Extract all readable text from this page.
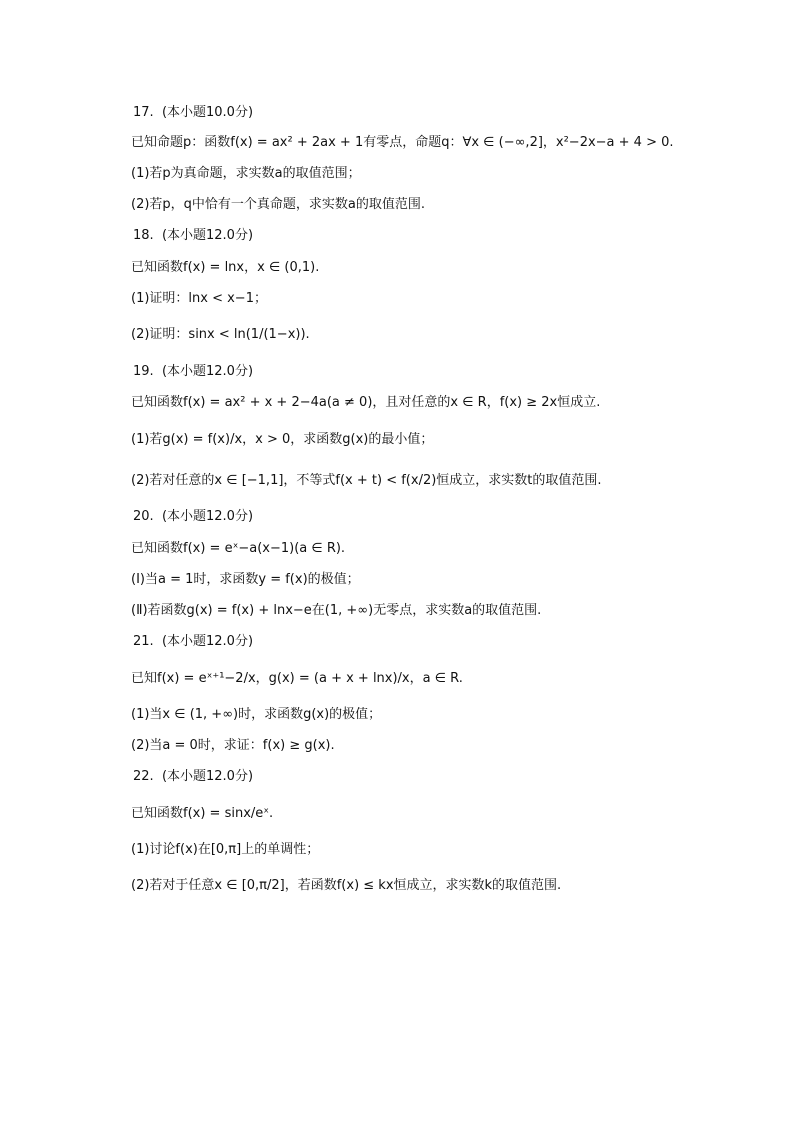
17.  (本小题10.0分)
已知命题p：函数f(x) = ax² + 2ax + 1有零点，命题q：∀x ∈ (−∞,2]，x²−2x−a + 4 > 0.
(1)若p为真命题，求实数a的取值范围；
(2)若p，q中恰有一个真命题，求实数a的取值范围.
18.  (本小题12.0分)
已知函数f(x) = lnx，x ∈ (0,1).
(1)证明：lnx < x−1；
(2)证明：sinx < ln(1/(1−x)).
19.  (本小题12.0分)
已知函数f(x) = ax² + x + 2−4a(a ≠ 0)，且对任意的x ∈ R，f(x) ≥ 2x恒成立.
(1)若g(x) = f(x)/x，x > 0，求函数g(x)的最小值；
(2)若对任意的x ∈ [−1,1]，不等式f(x + t) < f(x/2)恒成立，求实数t的取值范围.
20.  (本小题12.0分)
已知函数f(x) = eˣ−a(x−1)(a ∈ R).
(Ⅰ)当a = 1时，求函数y = f(x)的极值；
(Ⅱ)若函数g(x) = f(x) + lnx−e在(1, +∞)无零点，求实数a的取值范围.
21.  (本小题12.0分)
已知f(x) = eˣ⁺¹−2/x，g(x) = (a + x + lnx)/x，a ∈ R.
(1)当x ∈ (1, +∞)时，求函数g(x)的极值；
(2)当a = 0时，求证：f(x) ≥ g(x).
22.  (本小题12.0分)
已知函数f(x) = sinx/eˣ.
(1)讨论f(x)在[0,π]上的单调性；
(2)若对于任意x ∈ [0,π/2]，若函数f(x) ≤ kx恒成立，求实数k的取值范围.
